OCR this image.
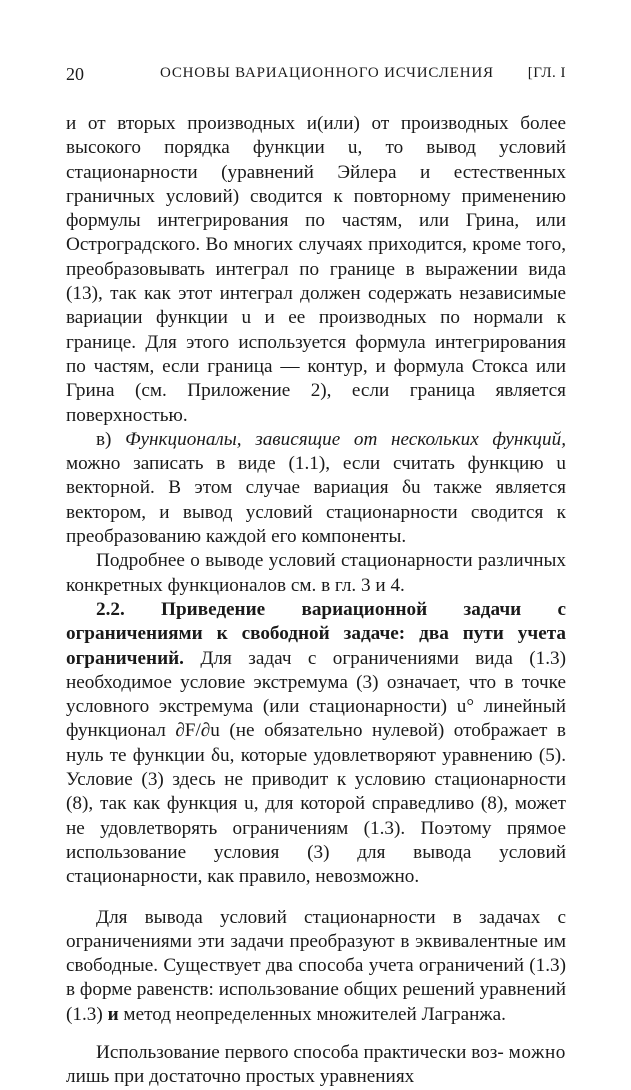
20	ОСНОВЫ ВАРИАЦИОННОГО ИСЧИСЛЕНИЯ [ГЛ. I

и от вторых производных и(или) от производных более высокого порядка функции u, то вывод условий стационарности (уравнений Эйлера и естественных граничных условий) сводится к повторному применению формулы интегрирования по частям, или Грина, или Остроградского. Во многих случаях приходится, кроме того, преобразовывать интеграл по границе в выражении вида (13), так как этот интеграл должен содержать независимые вариации функции u и ее производных по нормали к границе. Для этого используется формула интегрирования по частям, если граница — контур, и формула Стокса или Грина (см. Приложение 2), если граница является поверхностью.

в) Функционалы, зависящие от нескольких функций, можно записать в виде (1.1), если считать функцию u векторной. В этом случае вариация δu также является вектором, и вывод условий стационарности сводится к преобразованию каждой его компоненты.

Подробнее о выводе условий стационарности различных конкретных функционалов см. в гл. 3 и 4.

2.2. Приведение вариационной задачи с ограничениями к свободной задаче: два пути учета ограничений. Для задач с ограничениями вида (1.3) необходимое условие экстремума (3) означает, что в точке условного экстремума (или стационарности) u° линейный функционал ∂F/∂u (не обязательно нулевой) отображает в нуль те функции δu, которые удовлетворяют уравнению (5). Условие (3) здесь не приводит к условию стационарности (8), так как функция u, для которой справедливо (8), может не удовлетворять ограничениям (1.3). Поэтому прямое использование условия (3) для вывода условий стационарности, как правило, невозможно.

Для вывода условий стационарности в задачах с ограничениями эти задачи преобразуют в эквивалентные им свободные. Существует два способа учета ограничений (1.3) в форме равенств: использование общих решений уравнений (1.3) и метод неопределенных множителей Лагранжа.

Использование первого способа практически воз- можно лишь при достаточно простых уравнениях
